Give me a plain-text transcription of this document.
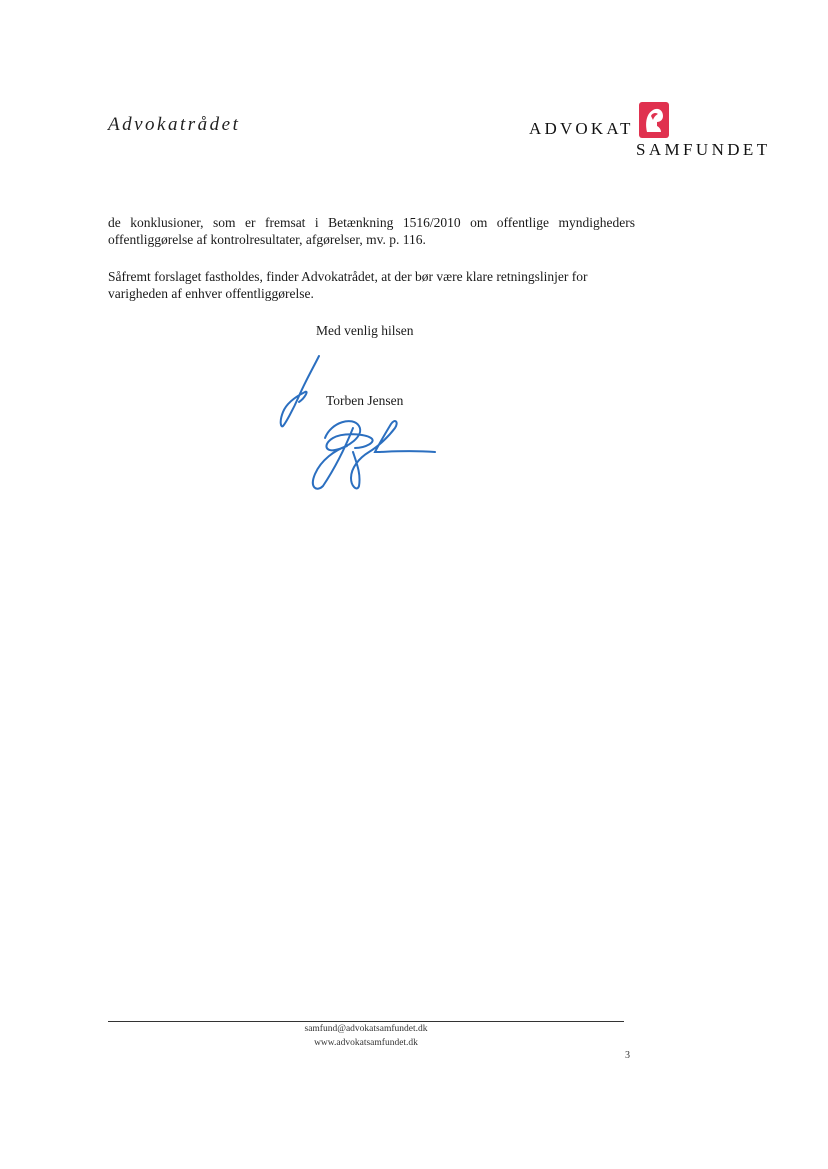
Advokatrådet	ADVOKAT
SAMFUNDET

de konklusioner, som er fremsat i Betænkning 1516/2010 om offentlige myndigheders offentliggørelse af kontrolresultater, afgørelser, mv. p. 116.

Såfremt forslaget fastholdes, finder Advokatrådet, at der bør være klare retningslinjer for varigheden af enhver offentliggørelse.

Med venlig hilsen
Torben Jensen
samfund@advokatsamfundet.dk
www.advokatsamfundet.dk
3
